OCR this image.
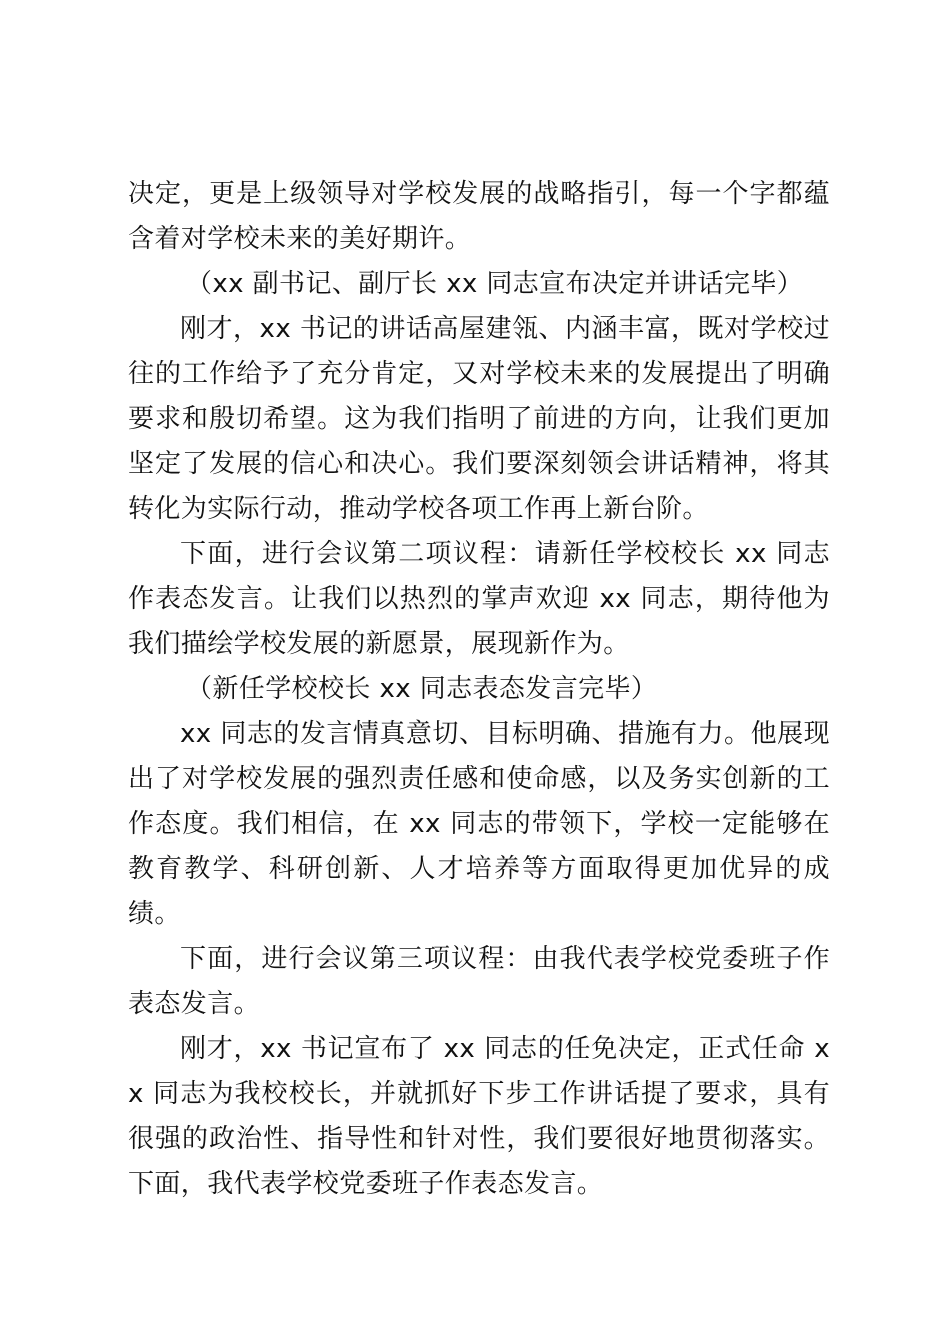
决定，更是上级领导对学校发展的战略指引，每一个字都蕴含着对学校未来的美好期许。

（xx 副书记、副厅长 xx 同志宣布决定并讲话完毕）

刚才，xx 书记的讲话高屋建瓴、内涵丰富，既对学校过往的工作给予了充分肯定，又对学校未来的发展提出了明确要求和殷切希望。这为我们指明了前进的方向，让我们更加坚定了发展的信心和决心。我们要深刻领会讲话精神，将其转化为实际行动，推动学校各项工作再上新台阶。

下面，进行会议第二项议程：请新任学校校长 xx 同志作表态发言。让我们以热烈的掌声欢迎 xx 同志，期待他为我们描绘学校发展的新愿景，展现新作为。

（新任学校校长 xx 同志表态发言完毕）

xx 同志的发言情真意切、目标明确、措施有力。他展现出了对学校发展的强烈责任感和使命感，以及务实创新的工作态度。我们相信，在 xx 同志的带领下，学校一定能够在教育教学、科研创新、人才培养等方面取得更加优异的成绩。

下面，进行会议第三项议程：由我代表学校党委班子作表态发言。

刚才，xx 书记宣布了 xx 同志的任免决定，正式任命 xx 同志为我校校长，并就抓好下步工作讲话提了要求，具有很强的政治性、指导性和针对性，我们要很好地贯彻落实。下面，我代表学校党委班子作表态发言。
